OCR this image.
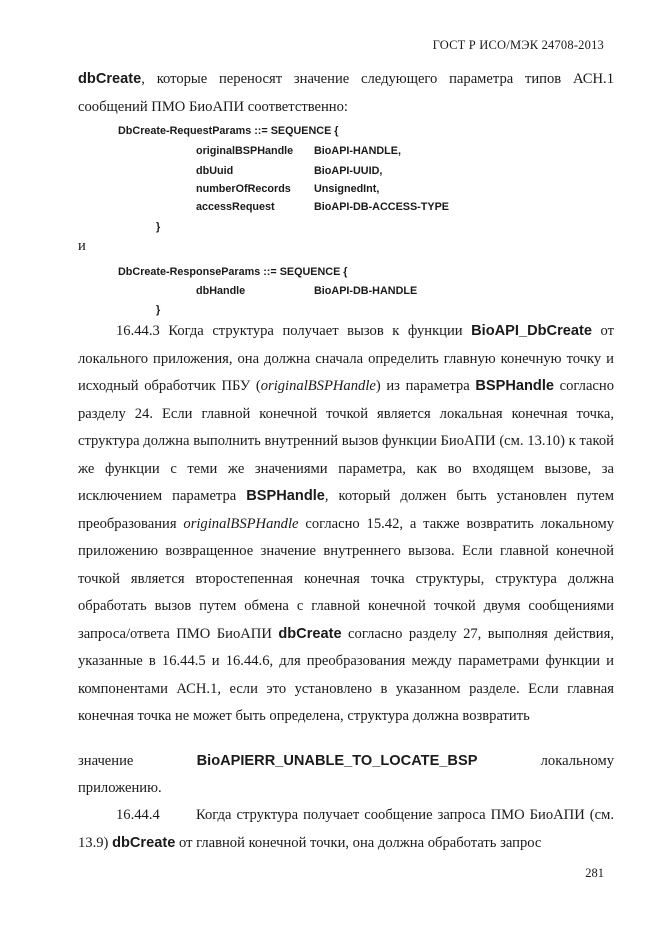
ГОСТ Р ИСО/МЭК 24708-2013
dbCreate, которые переносят значение следующего параметра типов АСН.1 сообщений ПМО БиоАПИ соответственно:
DbCreate-RequestParams ::= SEQUENCE {
originalBSPHandle BioAPI-HANDLE,
dbUuid	BioAPI-UUID,
numberOfRecords UnsignedInt,
accessRequest	BioAPI-DB-ACCESS-TYPE
}
и
DbCreate-ResponseParams ::= SEQUENCE {
dbHandle	BioAPI-DB-HANDLE
}
16.44.3 Когда структура получает вызов к функции BioAPI_DbCreate от локального приложения, она должна сначала определить главную конечную точку и исходный обработчик ПБУ (originalBSPHandle) из параметра BSPHandle согласно разделу 24. Если главной конечной точкой является локальная конечная точка, структура должна выполнить внутренний вызов функции БиоАПИ (см. 13.10) к такой же функции с теми же значениями параметра, как во входящем вызове, за исключением параметра BSPHandle, который должен быть установлен путем преобразования originalBSPHandle согласно 15.42, а также возвратить локальному приложению возвращенное значение внутреннего вызова. Если главной конечной точкой является второстепенная конечная точка структуры, структура должна обработать вызов путем обмена с главной конечной точкой двумя сообщениями запроса/ответа ПМО БиоАПИ dbCreate согласно разделу 27, выполняя действия, указанные в 16.44.5 и 16.44.6, для преобразования между параметрами функции и компонентами АСН.1, если это установлено в указанном разделе. Если главная конечная точка не может быть определена, структура должна возвратить
значение	BioAPIERR_UNABLE_TO_LOCATE_BSP	локальному
приложению.
16.44.4 Когда структура получает сообщение запроса ПМО БиоАПИ (см. 13.9) dbCreate от главной конечной точки, она должна обработать запрос
281
